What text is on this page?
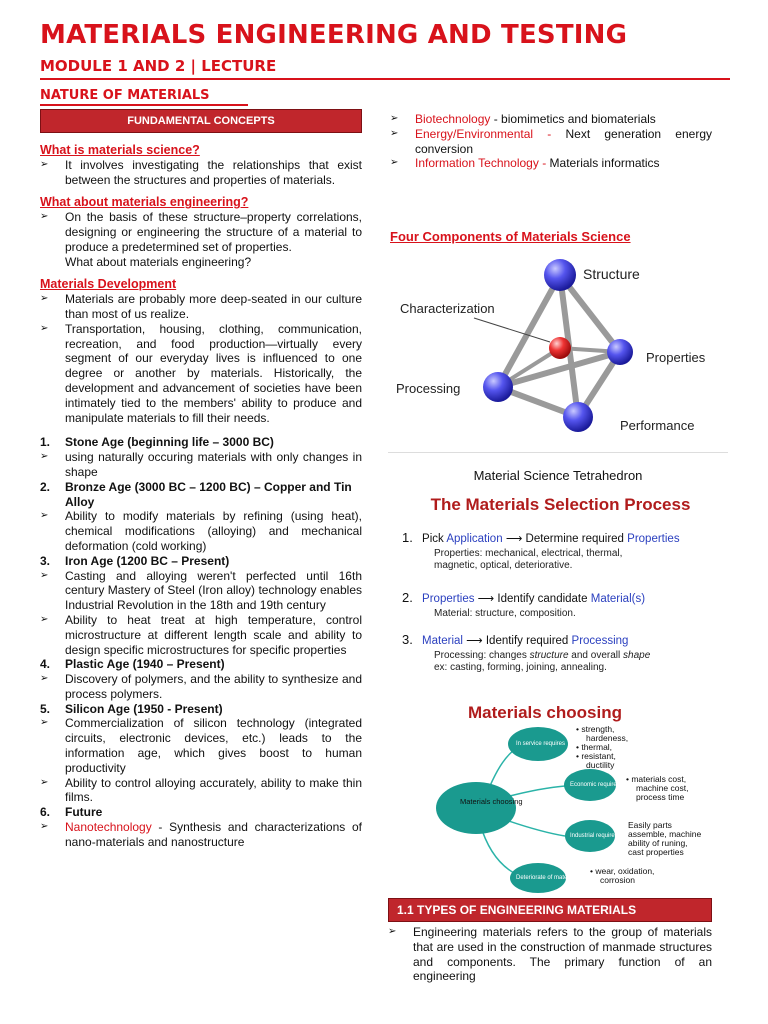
MATERIALS ENGINEERING AND TESTING
MODULE 1 AND 2 | LECTURE
NATURE OF MATERIALS
FUNDAMENTAL CONCEPTS
What is materials science?
➢	It involves investigating the relationships that exist between the structures and properties of materials.
What about materials engineering?
➢	On the basis of these structure–property correlations, designing or engineering the structure of a material to produce a predetermined set of properties.
What about materials engineering?
Materials Development
➢	Materials are probably more deep-seated in our culture than most of us realize.
➢	Transportation, housing, clothing, communication, recreation, and food production—virtually every segment of our everyday lives is influenced to one degree or another by materials. Historically, the development and advancement of societies have been intimately tied to the members' ability to produce and manipulate materials to fill their needs.
1.	Stone Age (beginning life – 3000 BC)
➢	using naturally occuring materials with only changes in shape
2.	Bronze Age (3000 BC – 1200 BC) – Copper and Tin Alloy
➢	Ability to modify materials by refining (using heat), chemical modifications (alloying) and mechanical deformation (cold working)
3.	Iron Age (1200 BC – Present)
➢	Casting and alloying weren't perfected until 16th century Mastery of Steel (Iron alloy) technology enables Industrial Revolution in the 18th and 19th century
➢	Ability to heat treat at high temperature, control microstructure at different length scale and ability to design specific microstructures for specific properties
4.	Plastic Age (1940 – Present)
➢	Discovery of polymers, and the ability to synthesize and process polymers.
5.	Silicon Age (1950 - Present)
➢	Commercialization of silicon technology (integrated circuits, electronic devices, etc.) leads to the information age, which gives boost to human productivity
➢	Ability to control alloying accurately, ability to make thin films.
6.	Future
➢	Nanotechnology - Synthesis and characterizations of nano-materials and nanostructure
➢	Biotechnology - biomimetics and biomaterials
➢	Energy/Environmental - Next generation energy conversion
➢	Information Technology - Materials informatics
Four Components of Materials Science
Structure
Characterization
Properties
Processing
Performance
Material Science Tetrahedron
The Materials Selection Process
1. Pick Application ⟶ Determine required Properties
Properties: mechanical, electrical, thermal,
magnetic, optical, deteriorative.
2. Properties ⟶ Identify candidate Material(s)
Material: structure, composition.
3. Material ⟶ Identify required Processing
Processing: changes structure and overall shape
ex: casting, forming, joining, annealing.
Materials choosing
Materials choosing
In service requires
Economic requires
Industrial requires
Deteriorate of materials
• strength,
hardeness,
• thermal,
• resistant,
ductility
• materials cost,
machine cost,
process time
Easily parts
assemble, machine
ability of runing,
cast properties
• wear, oxidation,
corrosion
1.1 TYPES OF ENGINEERING MATERIALS
➢	Engineering materials refers to the group of materials that are used in the construction of manmade structures and components. The primary function of an engineering
